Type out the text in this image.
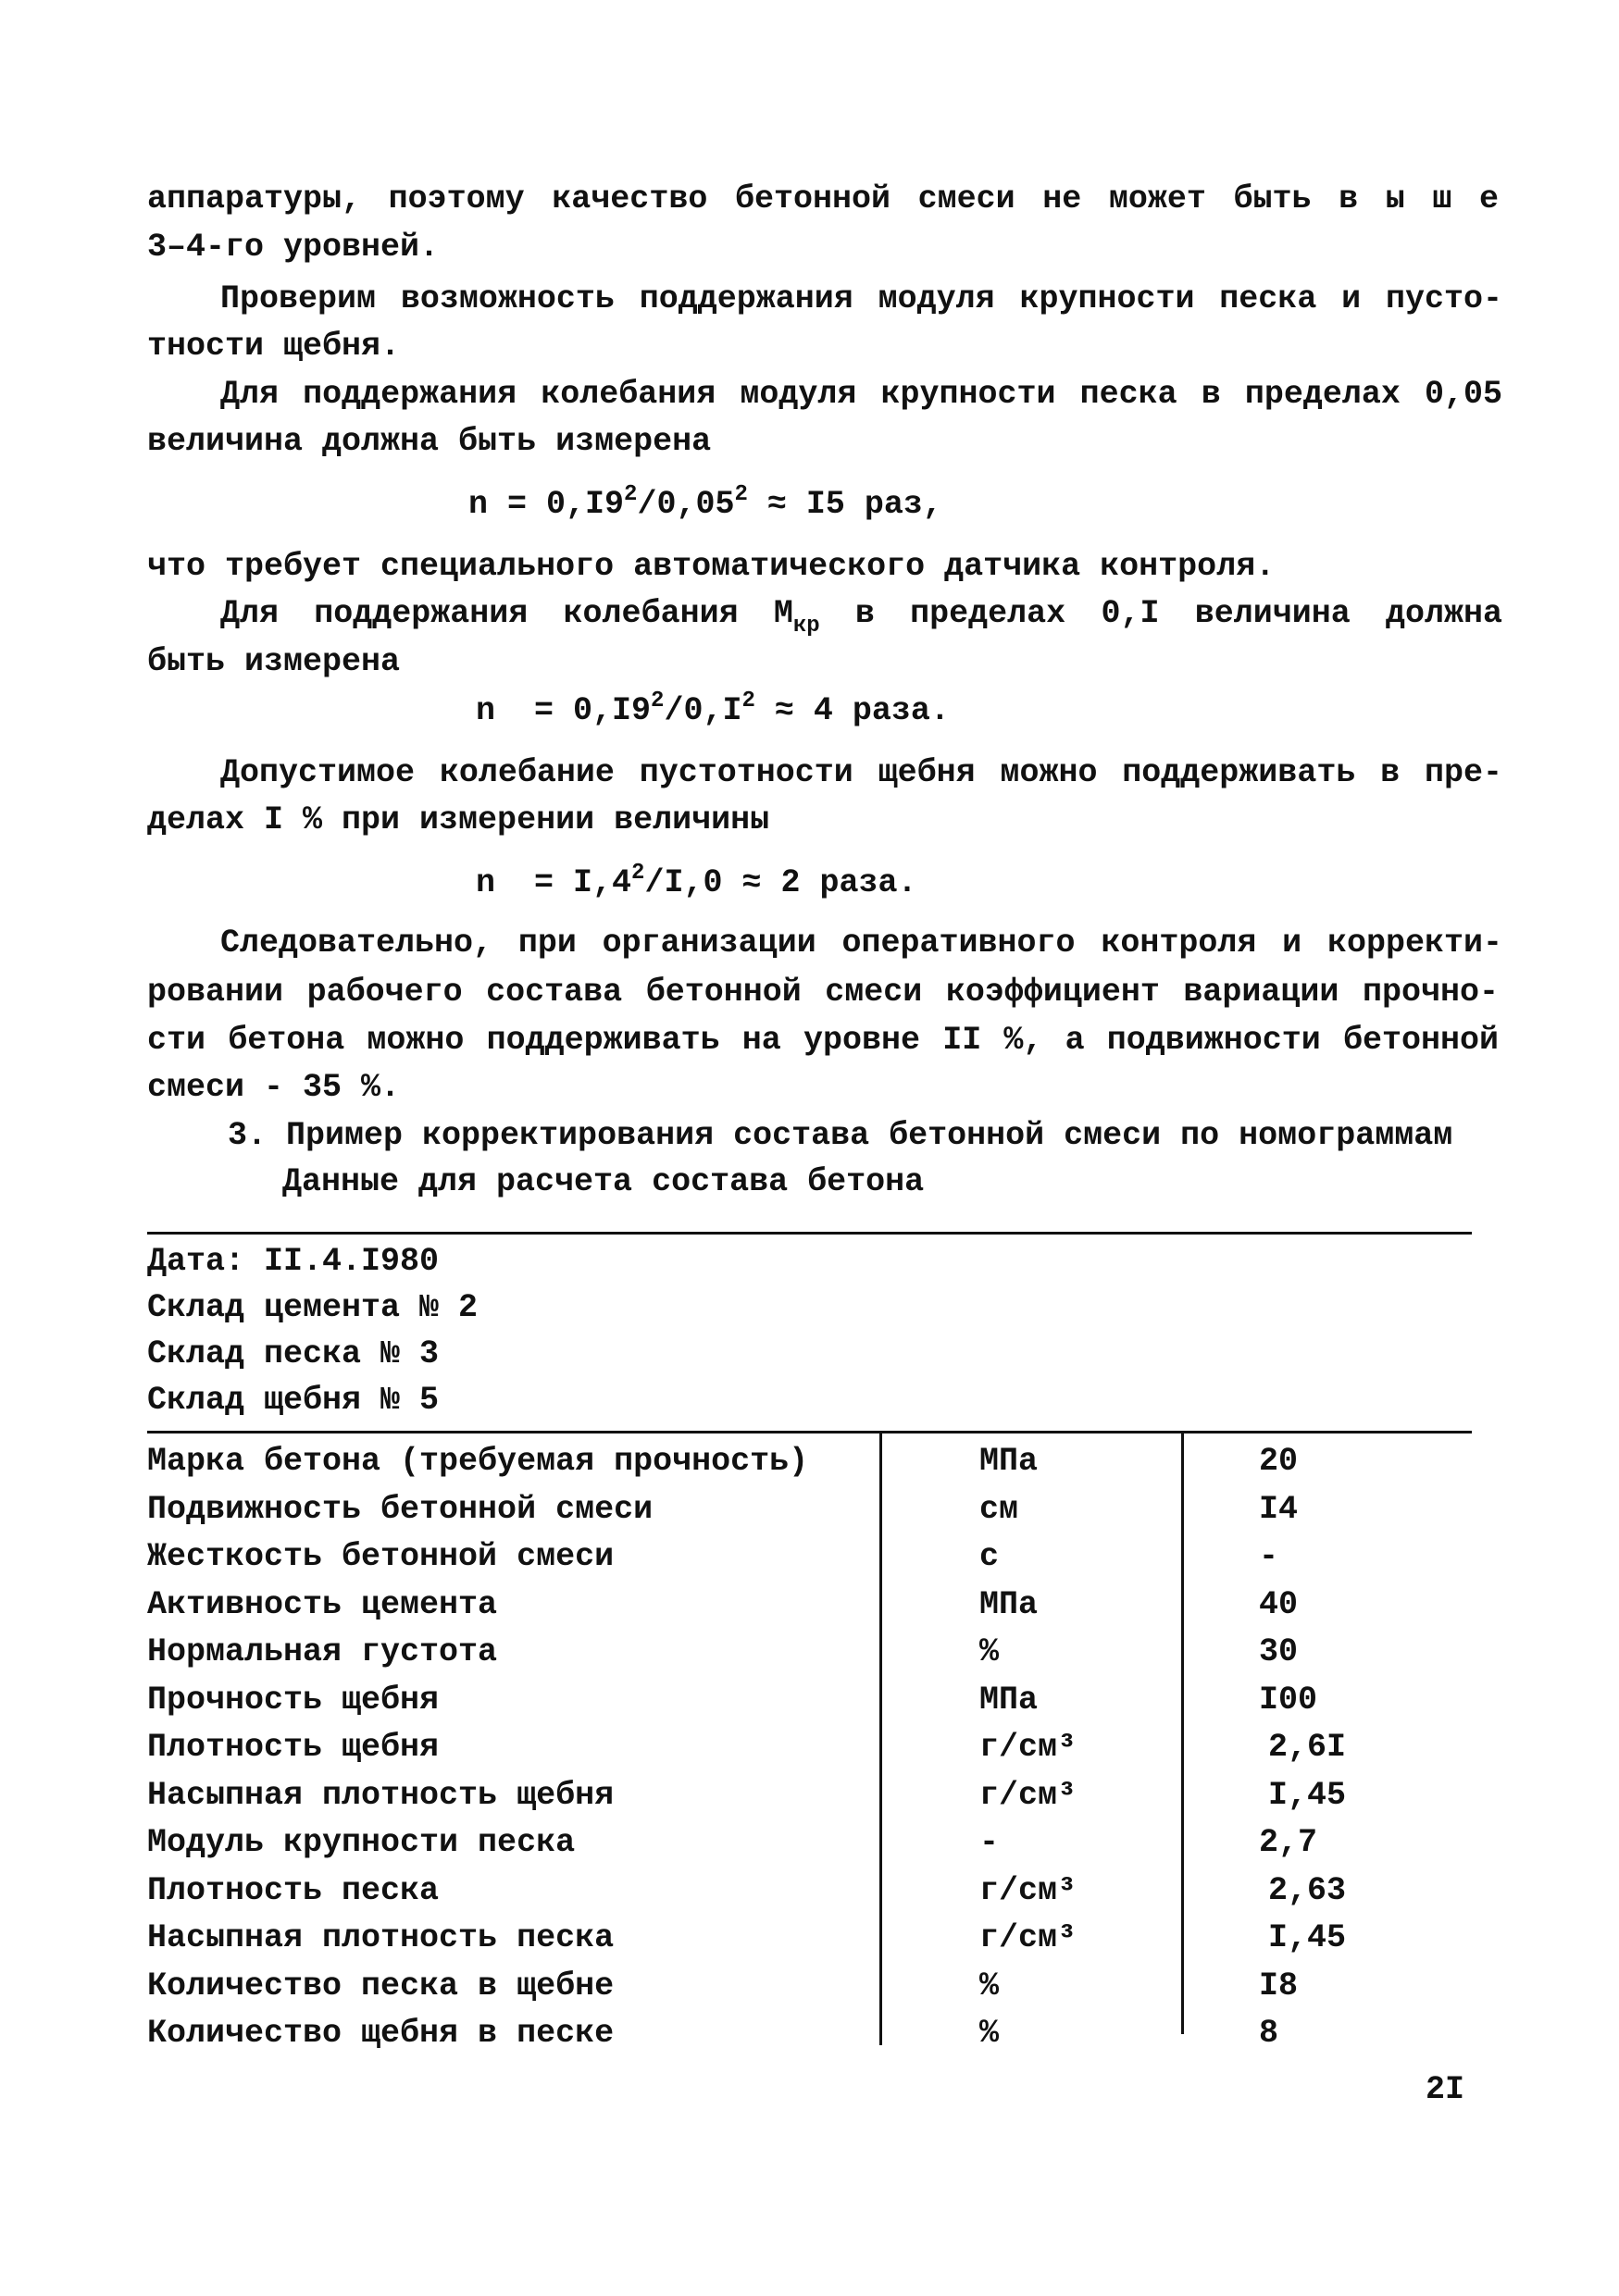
2I
аппаратуры, поэтому качество бетонной смеси не может быть в ы ш е
3–4-го уровней.
Проверим возможность поддержания модуля крупности песка и пусто-
тности щебня.
Для поддержания колебания модуля крупности песка в пределах 0,05
величина должна быть измерена
$n = 0,I9^2/0,05^2 \approx I5$ раз,
что требует специального автоматического датчика контроля.
Для поддержания колебания $М_{кр}$ в пределах 0,I величина должна
быть измерена
$n = 0,I9^2/0,I^2 \approx 4$ раза.
Допустимое колебание пустотности щебня можно поддерживать в пре-
делах I % при измерении величины
$n = I,4^2/I,0 \approx 2$ раза.
Следовательно, при организации оперативного контроля и корректи-
ровании рабочего состава бетонной смеси коэффициент вариации прочно-
сти бетона можно поддерживать на уровне II %, а подвижности бетонной
смеси - 35 %.
3. Пример корректирования состава бетонной смеси по номограммам
Данные для расчета состава бетона
Дата: II.4.I980
Склад цемента № 2
Склад песка № 3
Склад щебня № 5
Марка бетона (требуемая прочность)	МПа	20
Подвижность бетонной смеси	см	I4
Жесткость бетонной смеси	с	-
Активность цемента	МПа	40
Нормальная густота	%	30
Прочность щебня	МПа	I00
Плотность щебня	г/см³	2,6I
Насыпная плотность щебня	г/см³	I,45
Модуль крупности песка	-	2,7
Плотность песка	г/см³	2,63
Насыпная плотность песка	г/см³	I,45
Количество песка в щебне	%	I8
Количество щебня в песке	%	8
